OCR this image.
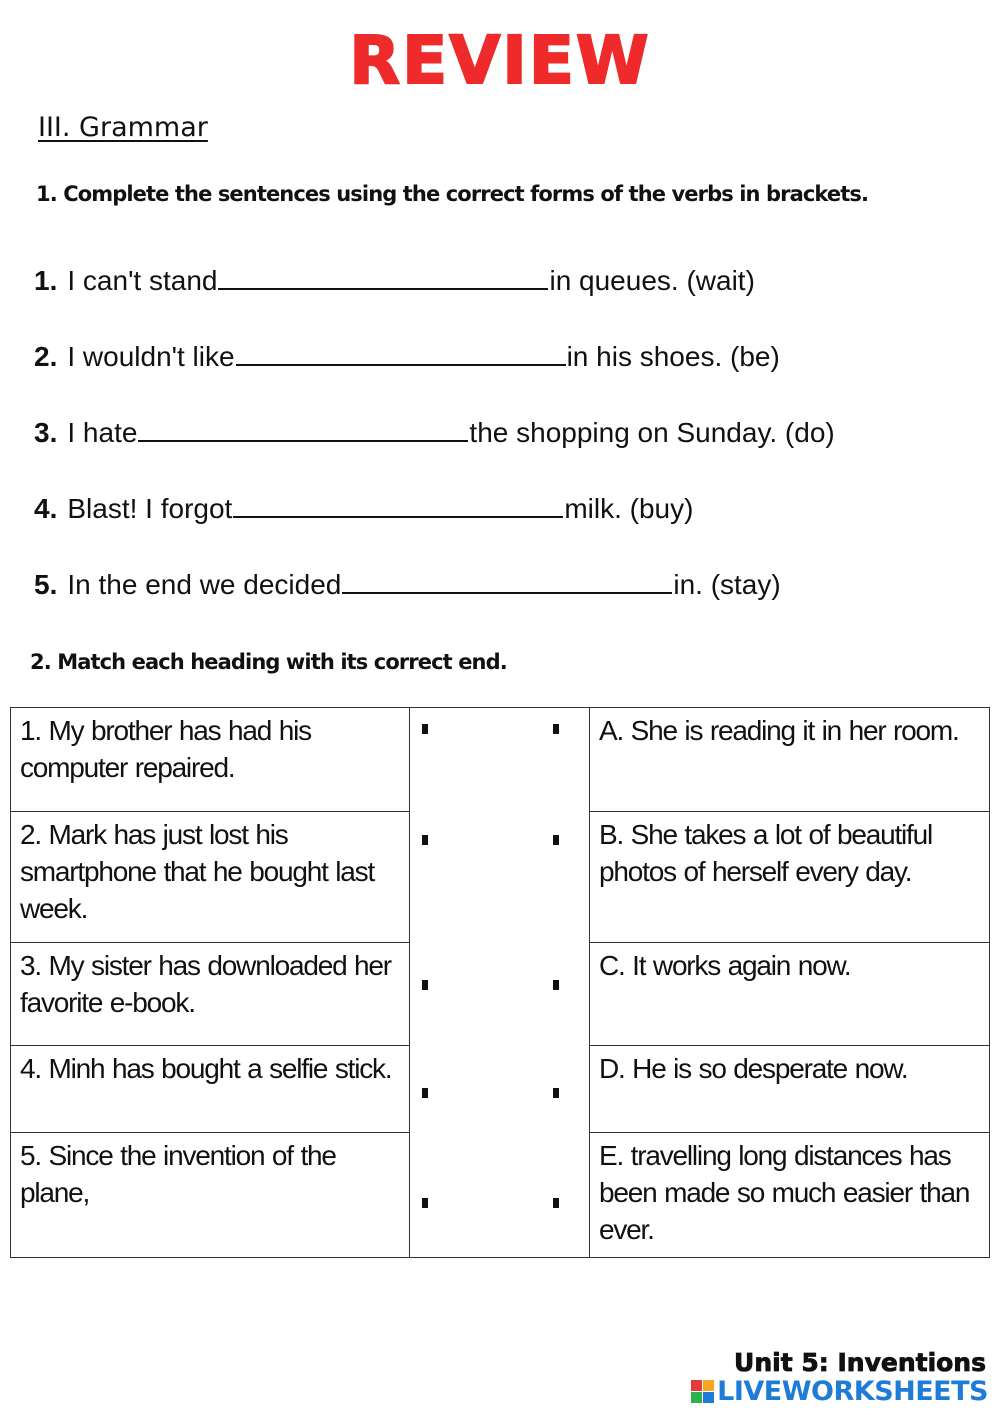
REVIEW
III. Grammar
1. Complete the sentences using the correct forms of the verbs in brackets.
1. I can't stand	in queues. (wait)
2. I wouldn't like	in his shoes. (be)
3. I hate	the shopping on Sunday. (do)
4. Blast! I forgot	milk. (buy)
5. In the end we decided	in. (stay)
2. Match each heading with its correct end.
1. My brother has had his computer repaired.		A. She is reading it in her room.
2. Mark has just lost his smartphone that he bought last week.		B. She takes a lot of beautiful photos of herself every day.
3. My sister has downloaded her favorite e-book.		C. It works again now.
4. Minh has bought a selfie stick.		D. He is so desperate now.
5. Since the invention of the plane,		E. travelling long distances has been made so much easier than ever.
Unit 5: Inventions
LIVEWORKSHEETS
